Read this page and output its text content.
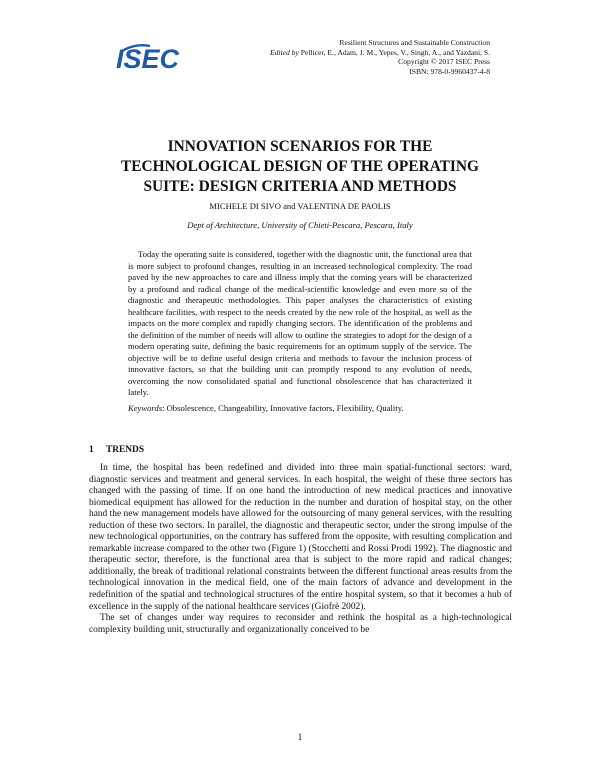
ISEC
Resilient Structures and Sustainable Construction
Edited by Pellicer, E., Adam, J. M., Yepes, V., Singh, A., and Yazdani, S.
Copyright © 2017 ISEC Press
ISBN: 978-0-9960437-4-8
INNOVATION SCENARIOS FOR THE
TECHNOLOGICAL DESIGN OF THE OPERATING
SUITE: DESIGN CRITERIA AND METHODS
MICHELE DI SIVO and VALENTINA DE PAOLIS
Dept of Architecture, University of Chieti-Pescara, Pescara, Italy
Today the operating suite is considered, together with the diagnostic unit, the functional area that is more subject to profound changes, resulting in an increased technological complexity. The road paved by the new approaches to care and illness imply that the coming years will be characterized by a profound and radical change of the medical-scientific knowledge and even more so of the diagnostic and therapeutic methodologies. This paper analyses the characteristics of existing healthcare facilities, with respect to the needs created by the new role of the hospital, as well as the impacts on the more complex and rapidly changing sectors. The identification of the problems and the definition of the number of needs will allow to outline the strategies to adopt for the design of a modern operating suite, defining the basic requirements for an optimum supply of the service. The objective will be to define useful design criteria and methods to favour the inclusion process of innovative factors, so that the building unit can promptly respond to any evolution of needs, overcoming the now consolidated spatial and functional obsolescence that has characterized it lately.
Keywords: Obsolescence, Changeability, Innovative factors, Flexibility, Quality.
1 TRENDS

In time, the hospital has been redefined and divided into three main spatial-functional sectors: ward, diagnostic services and treatment and general services. In each hospital, the weight of these three sectors has changed with the passing of time. If on one hand the introduction of new medical practices and innovative biomedical equipment has allowed for the reduction in the number and duration of hospital stay, on the other hand the new management models have allowed for the outsourcing of many general services, with the resulting reduction of these two sectors. In parallel, the diagnostic and therapeutic sector, under the strong impulse of the new technological opportunities, on the contrary has suffered from the opposite, with resulting complication and remarkable increase compared to the other two (Figure 1) (Stocchetti and Rossi Prodi 1992). The diagnostic and therapeutic sector, therefore, is the functional area that is subject to the more rapid and radical changes; additionally, the break of traditional relational constraints between the different functional areas results from the technological innovation in the medical field, one of the main factors of advance and development in the redefinition of the spatial and technological structures of the entire hospital system, so that it becomes a hub of excellence in the supply of the national healthcare services (Giofrè 2002).

The set of changes under way requires to reconsider and rethink the hospital as a high-technological complexity building unit, structurally and organizationally conceived to be

1
